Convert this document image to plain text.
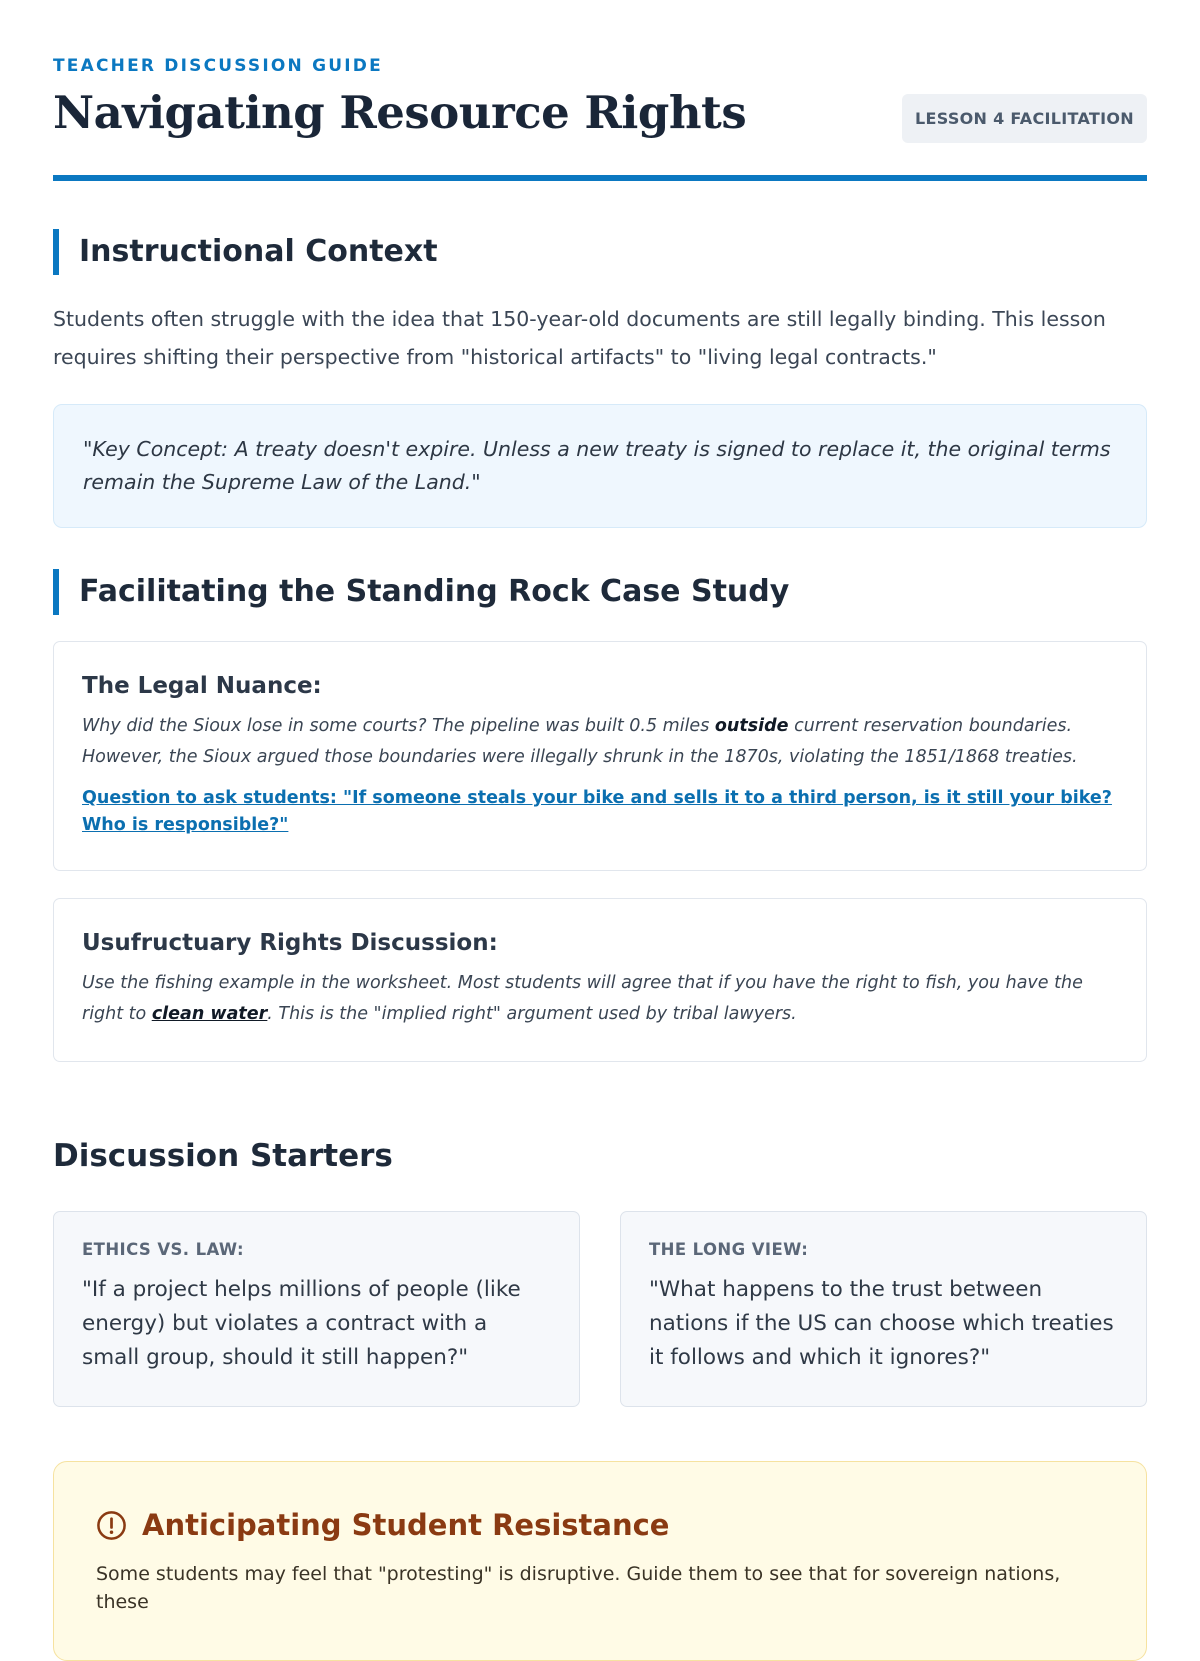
TEACHER DISCUSSION GUIDE
Navigating Resource Rights	LESSON 4 FACILITATION
Instructional Context

Students often struggle with the idea that 150-year-old documents are still legally binding. This lesson requires shifting their perspective from "historical artifacts" to "living legal contracts."

"Key Concept: A treaty doesn't expire. Unless a new treaty is signed to replace it, the original terms remain the Supreme Law of the Land."
Facilitating the Standing Rock Case Study
The Legal Nuance:

Why did the Sioux lose in some courts? The pipeline was built 0.5 miles outside current reservation boundaries. However, the Sioux argued those boundaries were illegally shrunk in the 1870s, violating the 1851/1868 treaties.

Question to ask students: "If someone steals your bike and sells it to a third person, is it still your bike? Who is responsible?"
Usufructuary Rights Discussion:

Use the fishing example in the worksheet. Most students will agree that if you have the right to fish, you have the right to clean water. This is the "implied right" argument used by tribal lawyers.

Discussion Starters
ETHICS VS. LAW:

"If a project helps millions of people (like energy) but violates a contract with a small group, should it still happen?"

THE LONG VIEW:

"What happens to the trust between nations if the US can choose which treaties it follows and which it ignores?"

Anticipating Student Resistance

Some students may feel that "protesting" is disruptive. Guide them to see that for sovereign nations, these
